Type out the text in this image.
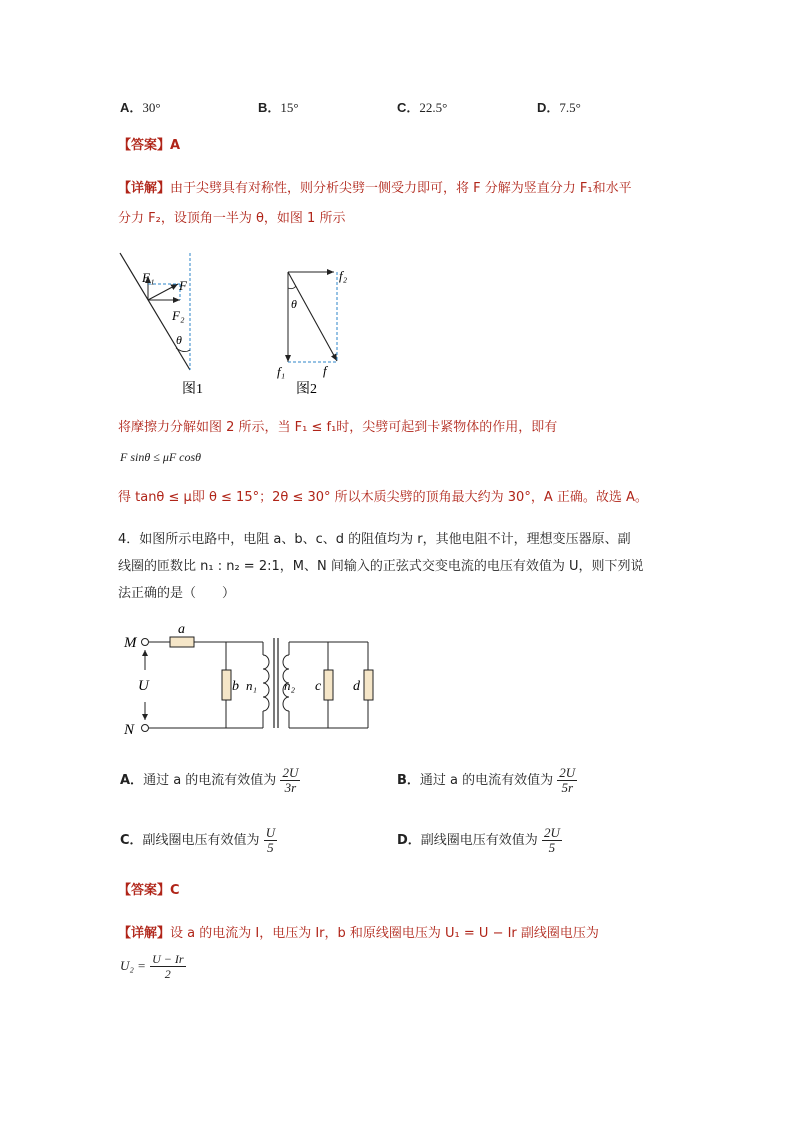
A．30°	B．15°	C．22.5°	D．7.5°
【答案】A
【详解】由于尖劈具有对称性，则分析尖劈一侧受力即可，将 F 分解为竖直分力 F₁和水平
分力 F₂，设顶角一半为 θ，如图 1 所示
F₁
F
F₂
θ
图1
f₂
θ
f₁	f
图2
将摩擦力分解如图 2 所示，当 F₁ ≤ f₁时，尖劈可起到卡紧物体的作用，即有
F sinθ ≤ μF cosθ
得 tanθ ≤ μ即 θ ≤ 15°；2θ ≤ 30° 所以木质尖劈的顶角最大约为 30°，A 正确。故选 A。
4．如图所示电路中，电阻 a、b、c、d 的阻值均为 r，其他电阻不计，理想变压器原、副
线圈的匝数比 n₁ : n₂ = 2:1，M、N 间输入的正弦式交变电流的电压有效值为 U，则下列说
法正确的是（　　）
M
N
U
a
b n₁ n₂ c d
A．通过 a 的电流有效值为 $\frac{2U}{3r}$	B．通过 a 的电流有效值为 $\frac{2U}{5r}$
C．副线圈电压有效值为 $\frac{U}{5}$	D．副线圈电压有效值为 $\frac{2U}{5}$
【答案】C
【详解】设 a 的电流为 I，电压为 Ir，b 和原线圈电压为 U₁ = U − Ir 副线圈电压为
$U_2 = \frac{U - Ir}{2}$
